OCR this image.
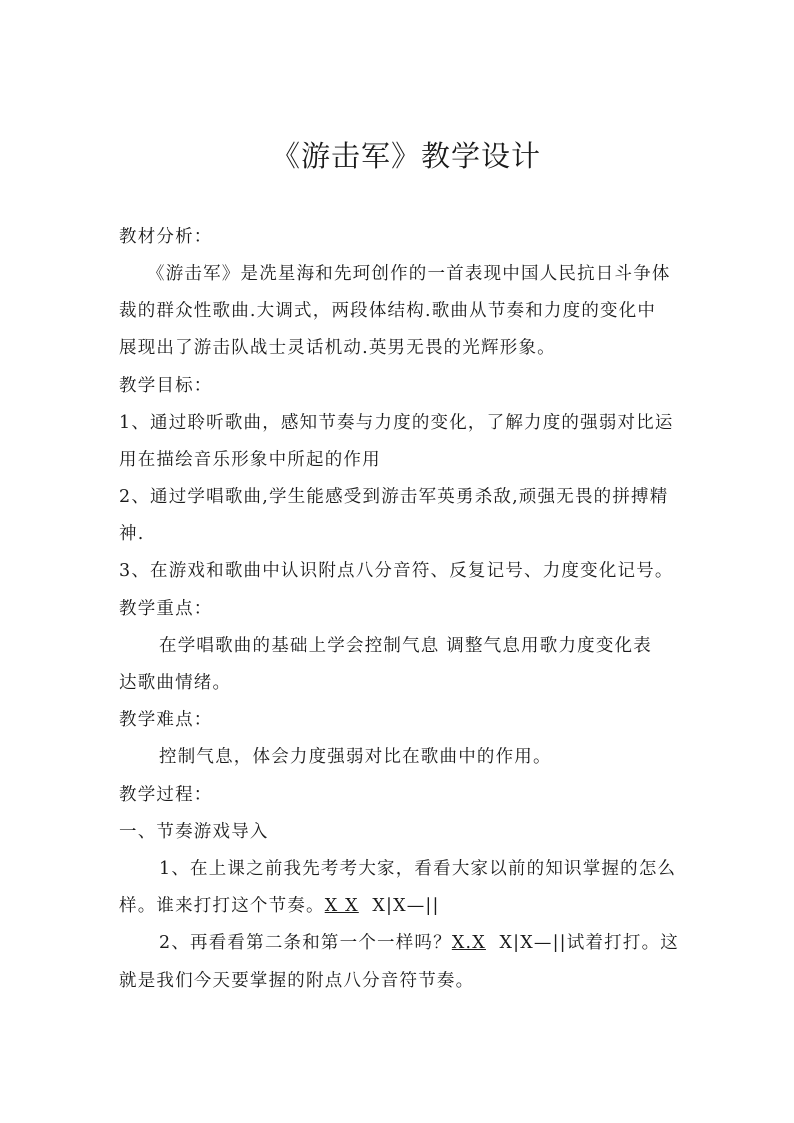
《游击军》教学设计
教材分析：
《游击军》是冼星海和先珂创作的一首表现中国人民抗日斗争体
裁的群众性歌曲.大调式，两段体结构.歌曲从节奏和力度的变化中
展现出了游击队战士灵话机动.英男无畏的光辉形象。
教学目标：
1、通过聆听歌曲，感知节奏与力度的变化，了解力度的强弱对比运
用在描绘音乐形象中所起的作用
2、通过学唱歌曲,学生能感受到游击军英勇杀敌,顽强无畏的拼搏精
神.
3、在游戏和歌曲中认识附点八分音符、反复记号、力度变化记号。
教学重点：
在学唱歌曲的基础上学会控制气息 调整气息用歌力度变化表
达歌曲情绪。
教学难点：
控制气息，体会力度强弱对比在歌曲中的作用。
教学过程：
一、节奏游戏导入
1、在上课之前我先考考大家，看看大家以前的知识掌握的怎么
样。谁来打打这个节奏。X X  X|X—||
2、再看看第二条和第一个一样吗？X.X  X|X—||试着打打。这
就是我们今天要掌握的附点八分音符节奏。
